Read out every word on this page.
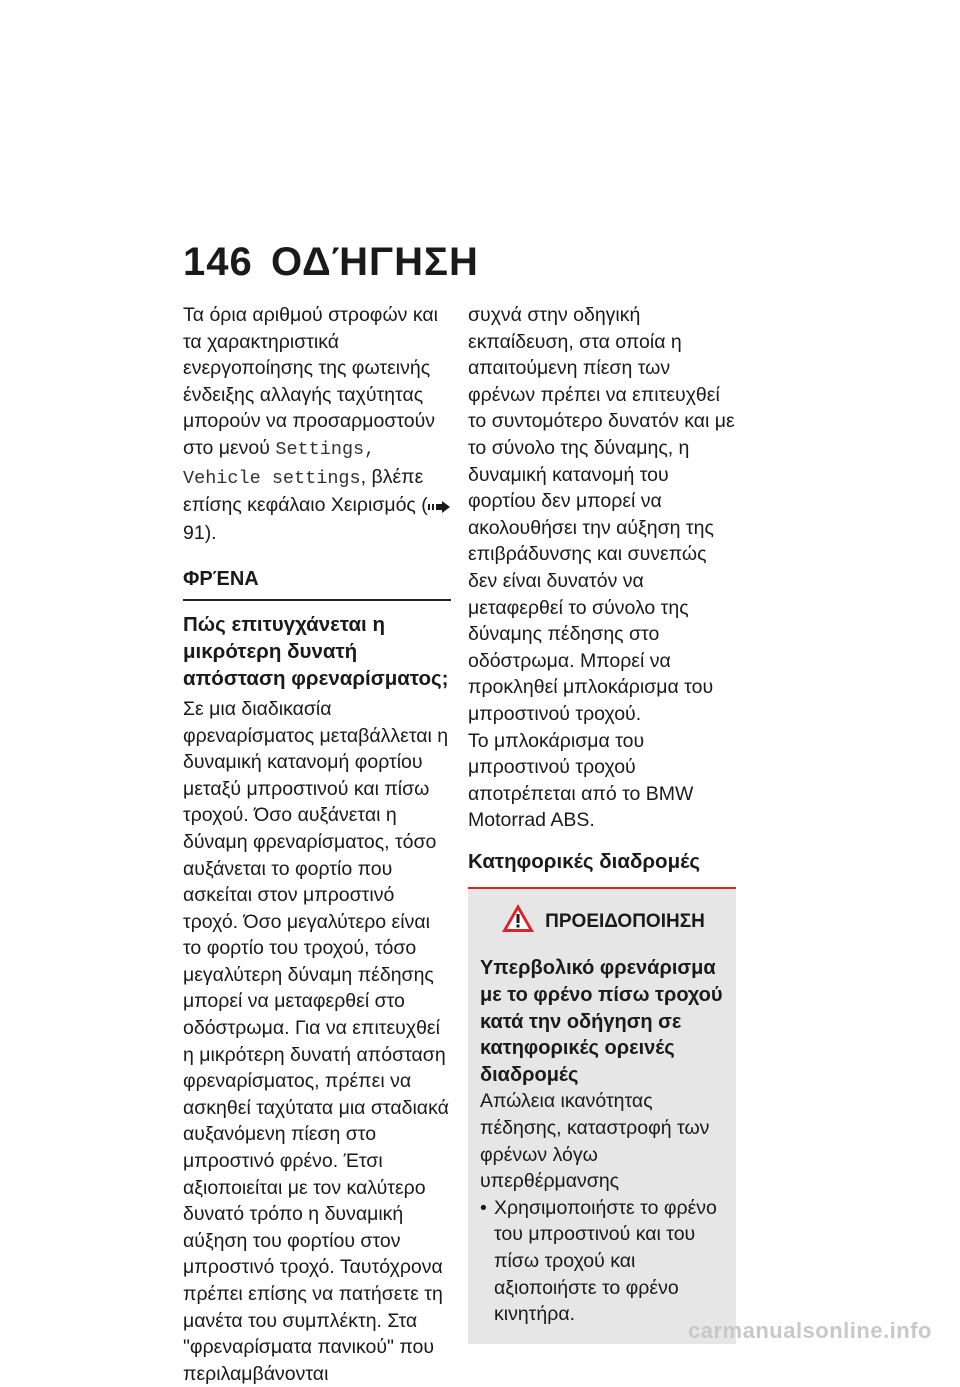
146 ΟΔΉΓΗΣΗ

Τα όρια αριθμού στροφών και τα χαρακτηριστικά ενεργοποίησης της φωτεινής ένδειξης αλλαγής ταχύτητας μπορούν να προσαρμοστούν στο μενού Settings, Vehicle settings, βλέπε επίσης κεφάλαιο Χειρισμός ( 91).

ΦΡΈΝΑ
Πώς επιτυγχάνεται η μικρότερη δυνατή απόσταση φρεναρίσματος;

Σε μια διαδικασία φρεναρίσματος μεταβάλλεται η δυναμική κατανομή φορτίου μεταξύ μπροστινού και πίσω τροχού. Όσο αυξάνεται η δύναμη φρεναρίσματος, τόσο αυξάνεται το φορτίο που ασκείται στον μπροστινό τροχό. Όσο μεγαλύτερο είναι το φορτίο του τροχού, τόσο μεγαλύτερη δύναμη πέδησης μπορεί να μεταφερθεί στο οδόστρωμα. Για να επιτευχθεί η μικρότερη δυνατή απόσταση φρεναρίσματος, πρέπει να ασκηθεί ταχύτατα μια σταδιακά αυξανόμενη πίεση στο μπροστινό φρένο. Έτσι αξιοποιείται με τον καλύτερο δυνατό τρόπο η δυναμική αύξηση του φορτίου στον μπροστινό τροχό. Ταυτόχρονα πρέπει επίσης να πατήσετε τη μανέτα του συμπλέκτη. Στα "φρεναρίσματα πανικού" που περιλαμβάνονται

συχνά στην οδηγική εκπαίδευση, στα οποία η απαιτούμενη πίεση των φρένων πρέπει να επιτευχθεί το συντομότερο δυνατόν και με το σύνολο της δύναμης, η δυναμική κατανομή του φορτίου δεν μπορεί να ακολουθήσει την αύξηση της επιβράδυνσης και συνεπώς δεν είναι δυνατόν να μεταφερθεί το σύνολο της δύναμης πέδησης στο οδόστρωμα. Μπορεί να προκληθεί μπλοκάρισμα του μπροστινού τροχού.

Το μπλοκάρισμα του μπροστινού τροχού αποτρέπεται από το BMW Motorrad ABS.

Κατηφορικές διαδρομές
ΠΡΟΕΙΔΟΠΟΙΗΣΗ
Υπερβολικό φρενάρισμα με το φρένο πίσω τροχού κατά την οδήγηση σε κατηφορικές ορεινές διαδρομές
Απώλεια ικανότητας πέδησης, καταστροφή των φρένων λόγω υπερθέρμανσης
• Χρησιμοποιήστε το φρένο του μπροστινού και του πίσω τροχού και αξιοποιήστε το φρένο κινητήρα.
carmanualsonline.info
